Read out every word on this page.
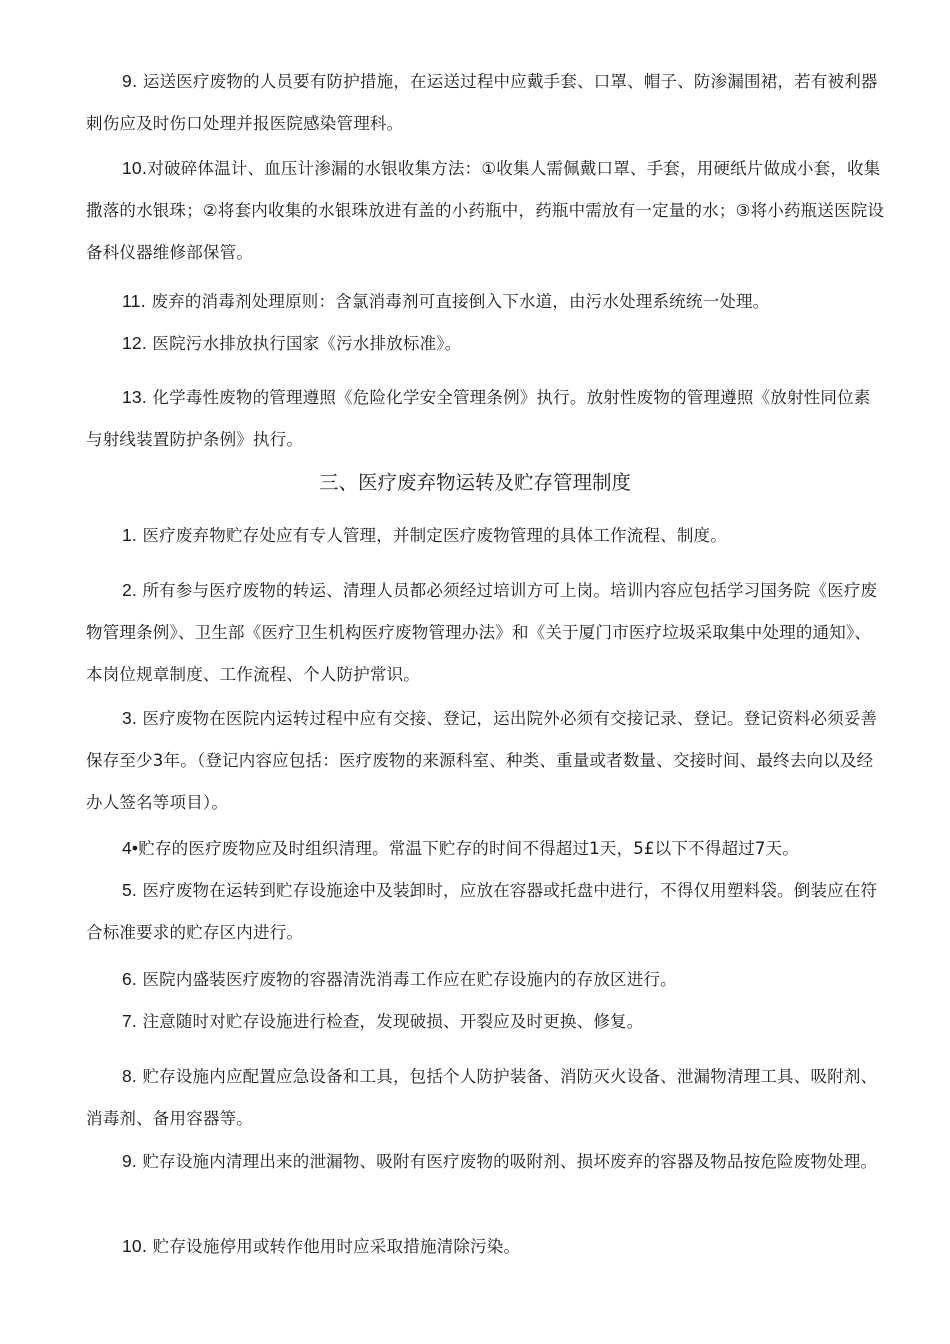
9. 运送医疗废物的人员要有防护措施，在运送过程中应戴手套、口罩、帽子、防渗漏围裙，若有被利器刺伤应及时伤口处理并报医院感染管理科。

10.对破碎体温计、血压计渗漏的水银收集方法：①收集人需佩戴口罩、手套，用硬纸片做成小套，收集撒落的水银珠；②将套内收集的水银珠放进有盖的小药瓶中，药瓶中需放有一定量的水；③将小药瓶送医院设备科仪器维修部保管。

11. 废弃的消毒剂处理原则：含氯消毒剂可直接倒入下水道，由污水处理系统统一处理。

12. 医院污水排放执行国家《污水排放标准》。

13. 化学毒性废物的管理遵照《危险化学安全管理条例》执行。放射性废物的管理遵照《放射性同位素与射线装置防护条例》执行。

三、医疗废弃物运转及贮存管理制度

1. 医疗废弃物贮存处应有专人管理，并制定医疗废物管理的具体工作流程、制度。

2. 所有参与医疗废物的转运、清理人员都必须经过培训方可上岗。培训内容应包括学习国务院《医疗废物管理条例》、卫生部《医疗卫生机构医疗废物管理办法》和《关于厦门市医疗垃圾采取集中处理的通知》、本岗位规章制度、工作流程、个人防护常识。

3. 医疗废物在医院内运转过程中应有交接、登记，运出院外必须有交接记录、登记。登记资料必须妥善保存至少3年。（登记内容应包括：医疗废物的来源科室、种类、重量或者数量、交接时间、最终去向以及经办人签名等项目）。

4•贮存的医疗废物应及时组织清理。常温下贮存的时间不得超过1天，5£以下不得超过7天。

5. 医疗废物在运转到贮存设施途中及装卸时，应放在容器或托盘中进行，不得仅用塑料袋。倒装应在符合标准要求的贮存区内进行。

6. 医院内盛装医疗废物的容器清洗消毒工作应在贮存设施内的存放区进行。

7. 注意随时对贮存设施进行检查，发现破损、开裂应及时更换、修复。

8. 贮存设施内应配置应急设备和工具，包括个人防护装备、消防灭火设备、泄漏物清理工具、吸附剂、消毒剂、备用容器等。

9. 贮存设施内清理出来的泄漏物、吸附有医疗废物的吸附剂、损坏废弃的容器及物品按危险废物处理。

10. 贮存设施停用或转作他用时应采取措施清除污染。
